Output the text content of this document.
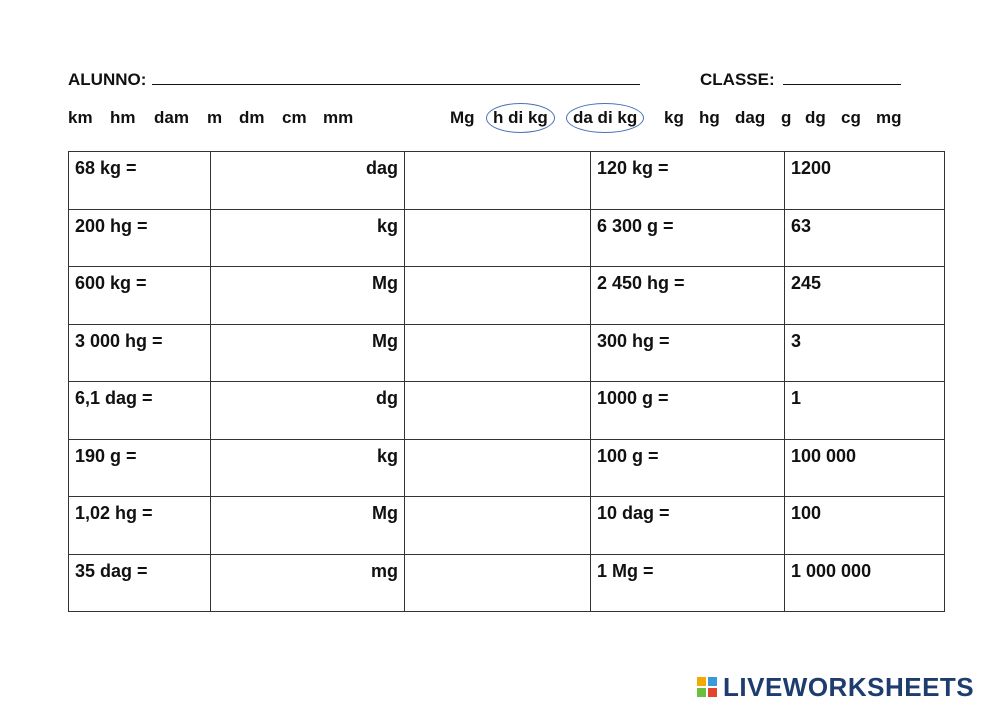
ALUNNO:	CLASSE:
km hm dam m dm cm mm	Mg	h di kg	da di kg	kg hg dag g dg cg mg
68 kg =	dag		120 kg =	1200
200 hg =	kg		6 300 g =	63
600 kg =	Mg		2 450 hg =	245
3 000 hg =	Mg		300 hg =	3
6,1 dag =	dg		1000 g =	1
190 g =	kg		100 g =	100 000
1,02 hg =	Mg		10 dag =	100
35 dag =	mg		1 Mg =	1 000 000
LIVEWORKSHEETS
